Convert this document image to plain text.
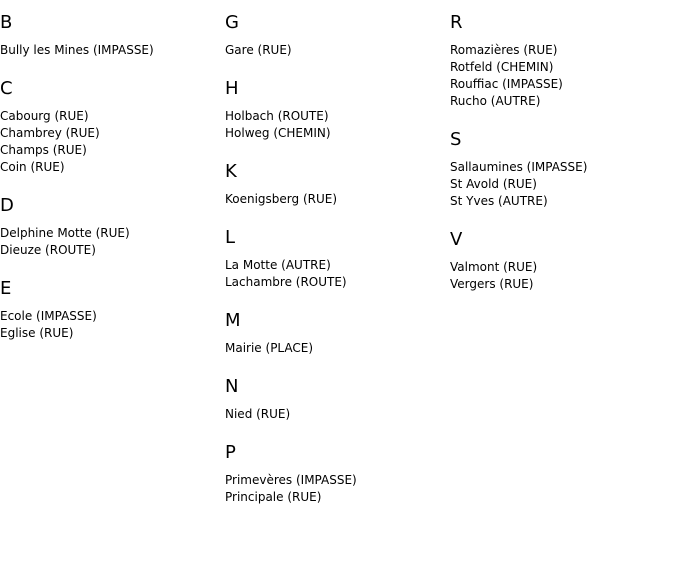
B
Bully les Mines (IMPASSE)
C
Cabourg (RUE)
Chambrey (RUE)
Champs (RUE)
Coin (RUE)
D
Delphine Motte (RUE)
Dieuze (ROUTE)
E
Ecole (IMPASSE)
Eglise (RUE)
G
Gare (RUE)
H
Holbach (ROUTE)
Holweg (CHEMIN)
K
Koenigsberg (RUE)
L
La Motte (AUTRE)
Lachambre (ROUTE)
M
Mairie (PLACE)
N
Nied (RUE)
P
Primevères (IMPASSE)
Principale (RUE)
R
Romazières (RUE)
Rotfeld (CHEMIN)
Rouffiac (IMPASSE)
Rucho (AUTRE)
S
Sallaumines (IMPASSE)
St Avold (RUE)
St Yves (AUTRE)
V
Valmont (RUE)
Vergers (RUE)
